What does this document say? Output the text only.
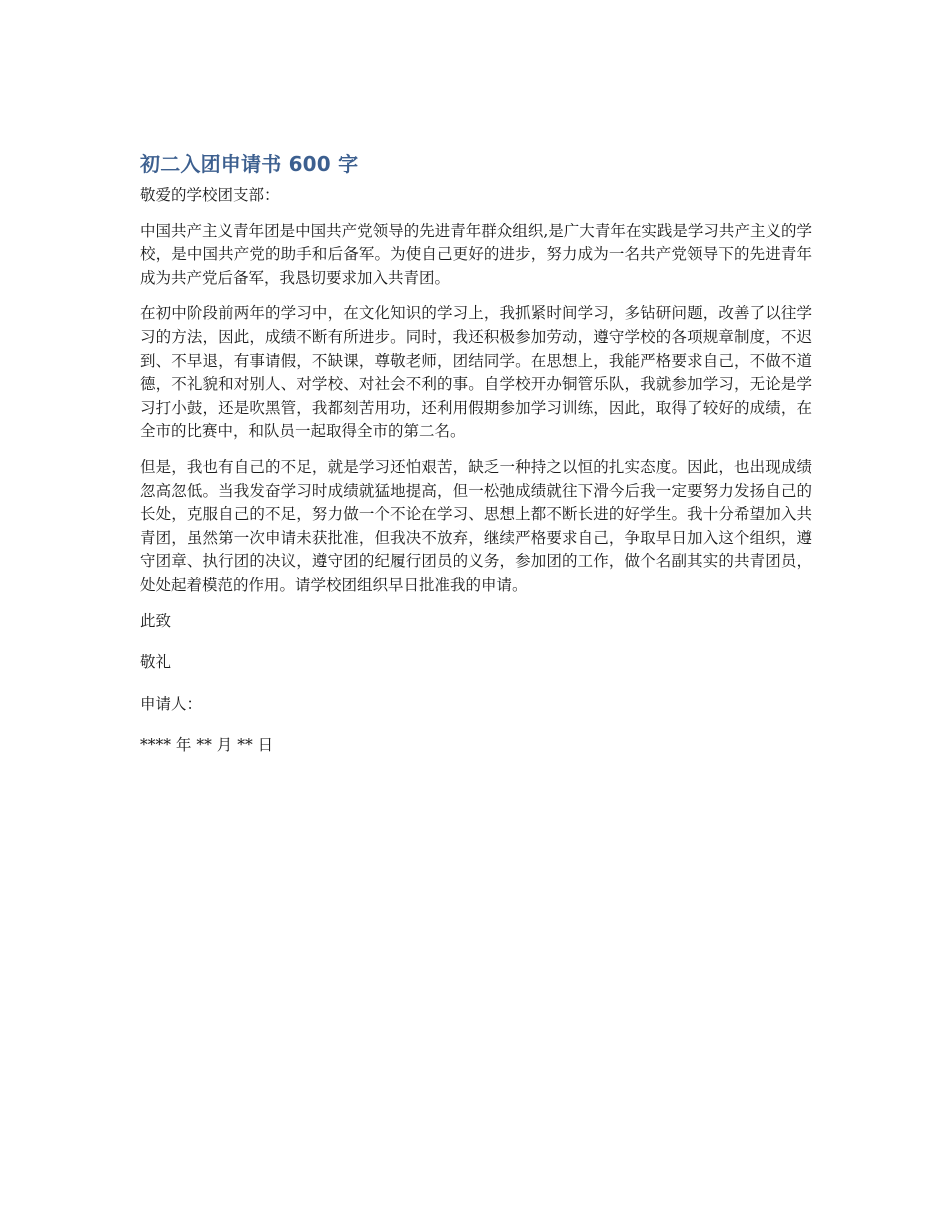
初二入团申请书 600 字
敬爱的学校团支部：

中国共产主义青年团是中国共产党领导的先进青年群众组织,是广大青年在实践是学习共产主义的学校，是中国共产党的助手和后备军。为使自己更好的进步，努力成为一名共产党领导下的先进青年成为共产党后备军，我恳切要求加入共青团。

在初中阶段前两年的学习中，在文化知识的学习上，我抓紧时间学习，多钻研问题，改善了以往学习的方法，因此，成绩不断有所进步。同时，我还积极参加劳动，遵守学校的各项规章制度，不迟到、不早退，有事请假，不缺课，尊敬老师，团结同学。在思想上，我能严格要求自己，不做不道德，不礼貌和对别人、对学校、对社会不利的事。自学校开办铜管乐队，我就参加学习，无论是学习打小鼓，还是吹黑管，我都刻苦用功，还利用假期参加学习训练，因此，取得了较好的成绩，在全市的比赛中，和队员一起取得全市的第二名。

但是，我也有自己的不足，就是学习还怕艰苦，缺乏一种持之以恒的扎实态度。因此，也出现成绩忽高忽低。当我发奋学习时成绩就猛地提高，但一松弛成绩就往下滑今后我一定要努力发扬自己的长处，克服自己的不足，努力做一个不论在学习、思想上都不断长进的好学生。我十分希望加入共青团，虽然第一次申请未获批准，但我决不放弃，继续严格要求自己，争取早日加入这个组织，遵守团章、执行团的决议，遵守团的纪履行团员的义务，参加团的工作，做个名副其实的共青团员，处处起着模范的作用。请学校团组织早日批准我的申请。

此致
敬礼
申请人：
**** 年 ** 月 ** 日
